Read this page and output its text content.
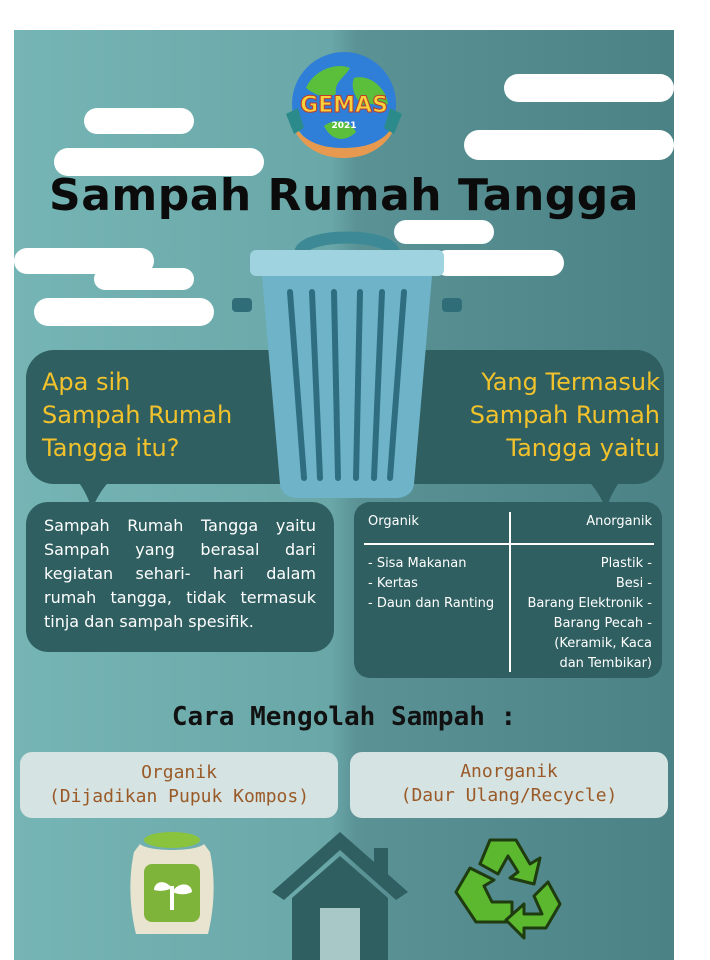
GEMAS
2021
Sampah Rumah Tangga
Apa sih
Sampah Rumah
Tangga itu?
Yang Termasuk
Sampah Rumah
Tangga yaitu
Sampah Rumah Tangga yaitu Sampah yang berasal dari kegiatan sehari- hari dalam rumah tangga, tidak termasuk tinja dan sampah spesifik.
Organik	Anorganik
- Sisa Makanan
- Kertas
- Daun dan Ranting
Plastik -
Besi -
Barang Elektronik -
Barang Pecah -
(Keramik, Kaca
dan Tembikar)
Cara Mengolah Sampah :
Organik
(Dijadikan Pupuk Kompos)
Anorganik
(Daur Ulang/Recycle)
